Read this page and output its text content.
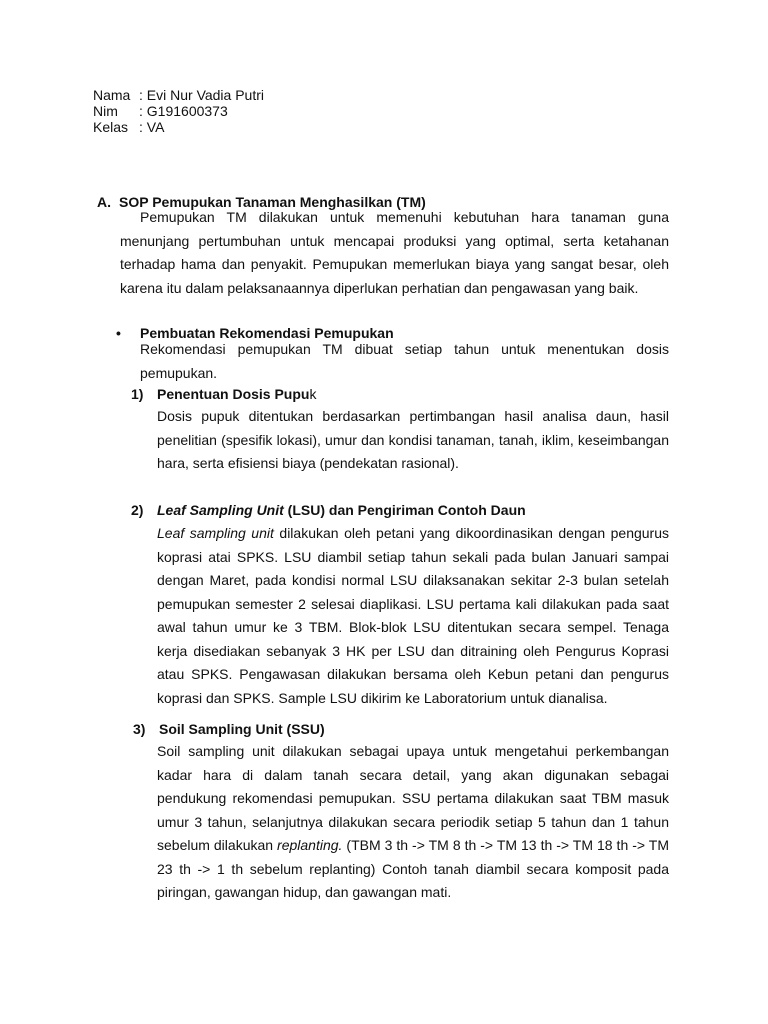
Nama : Evi Nur Vadia Putri
Nim	: G191600373
Kelas : VA
A. SOP Pemupukan Tanaman Menghasilkan (TM)
Pemupukan TM dilakukan untuk memenuhi kebutuhan hara tanaman guna menunjang pertumbuhan untuk mencapai produksi yang optimal, serta ketahanan terhadap hama dan penyakit. Pemupukan memerlukan biaya yang sangat besar, oleh karena itu dalam pelaksanaannya diperlukan perhatian dan pengawasan yang baik.
•	Pembuatan Rekomendasi Pemupukan
Rekomendasi pemupukan TM dibuat setiap tahun untuk menentukan dosis pemupukan.
1) Penentuan Dosis Pupuk
Dosis pupuk ditentukan berdasarkan pertimbangan hasil analisa daun, hasil penelitian (spesifik lokasi), umur dan kondisi tanaman, tanah, iklim, keseimbangan hara, serta efisiensi biaya (pendekatan rasional).
2) Leaf Sampling Unit (LSU) dan Pengiriman Contoh Daun
Leaf sampling unit dilakukan oleh petani yang dikoordinasikan dengan pengurus koprasi atai SPKS. LSU diambil setiap tahun sekali pada bulan Januari sampai dengan Maret, pada kondisi normal LSU dilaksanakan sekitar 2-3 bulan setelah pemupukan semester 2 selesai diaplikasi. LSU pertama kali dilakukan pada saat awal tahun umur ke 3 TBM. Blok-blok LSU ditentukan secara sempel. Tenaga kerja disediakan sebanyak 3 HK per LSU dan ditraining oleh Pengurus Koprasi atau SPKS. Pengawasan dilakukan bersama oleh Kebun petani dan pengurus koprasi dan SPKS. Sample LSU dikirim ke Laboratorium untuk dianalisa.
3) Soil Sampling Unit (SSU)
Soil sampling unit dilakukan sebagai upaya untuk mengetahui perkembangan kadar hara di dalam tanah secara detail, yang akan digunakan sebagai pendukung rekomendasi pemupukan. SSU pertama dilakukan saat TBM masuk umur 3 tahun, selanjutnya dilakukan secara periodik setiap 5 tahun dan 1 tahun sebelum dilakukan replanting. (TBM 3 th -> TM 8 th -> TM 13 th -> TM 18 th -> TM 23 th -> 1 th sebelum replanting) Contoh tanah diambil secara komposit pada piringan, gawangan hidup, dan gawangan mati.
